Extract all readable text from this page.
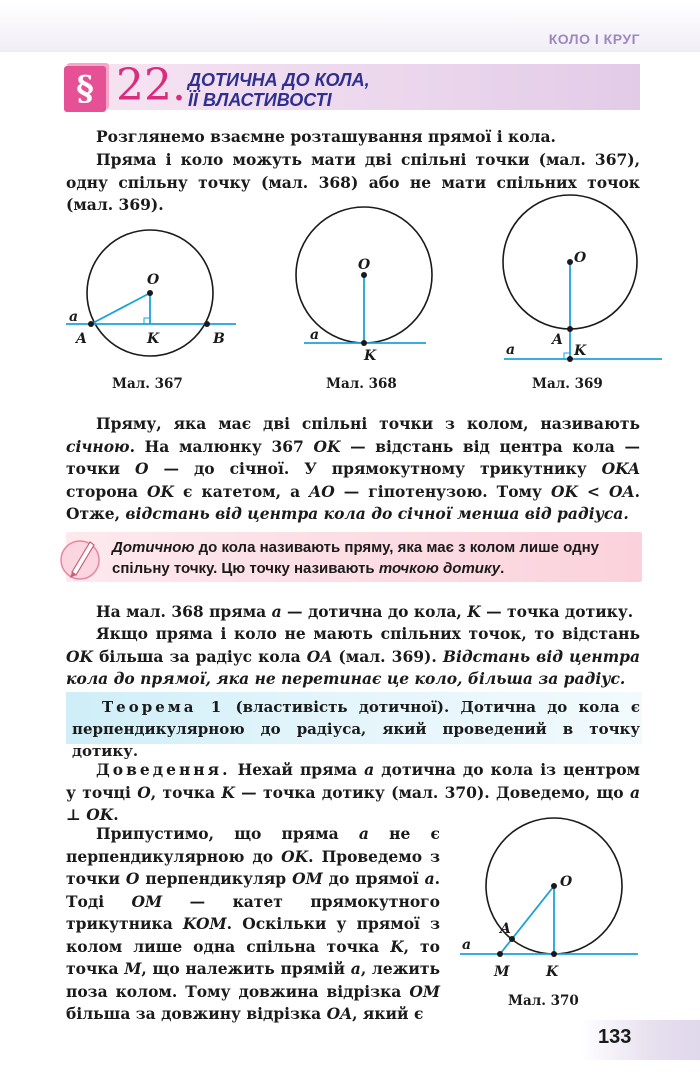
КОЛО І КРУГ
§ 22. ДОТИЧНА ДО КОЛА,
ЇЇ ВЛАСТИВОСТІ
Розглянемо взаємне розташування прямої і кола.
Пряма і коло можуть мати дві спільні точки (мал. 367), одну спільну точку (мал. 368) або не мати спільних точок (мал. 369).
O
K
A	B
a
Мал. 367
O
K
a
Мал. 368
O
A
K
a
Мал. 369
Пряму, яка має дві спільні точки з колом, називають січною. На малюнку 367 OK — відстань від центра кола — точки O — до січної. У прямокутному трикутнику OKA сторона OK є катетом, а AO — гіпотенузою. Тому OK < OA. Отже, відстань від центра кола до січної менша від радіуса.
Дотичною до кола називають пряму, яка має з колом лише одну спільну точку. Цю точку називають точкою дотику.
На мал. 368 пряма a — дотична до кола, K — точка дотику.
Якщо пряма і коло не мають спільних точок, то відстань OK більша за радіус кола OA (мал. 369). Відстань від центра кола до прямої, яка не перетинає це коло, більша за радіус.
Теорема 1 (властивість дотичної). Дотична до кола є перпендикулярною до радіуса, який проведений в точку дотику.
Доведення. Нехай пряма a дотична до кола із центром у точці O, точка K — точка дотику (мал. 370). Доведемо, що a ⊥ OK.
Припустимо, що пряма a не є перпендикулярною до OK. Проведемо з точки O перпендикуляр OM до прямої a. Тоді OM — катет прямокутного трикутника KOM. Оскільки у прямої з колом лише одна спільна точка K, то точка M, що належить прямій a, лежить поза колом. Тому довжина відрізка OM більша за довжину відрізка OA, який є
O
A
M	K
a
Мал. 370
133
